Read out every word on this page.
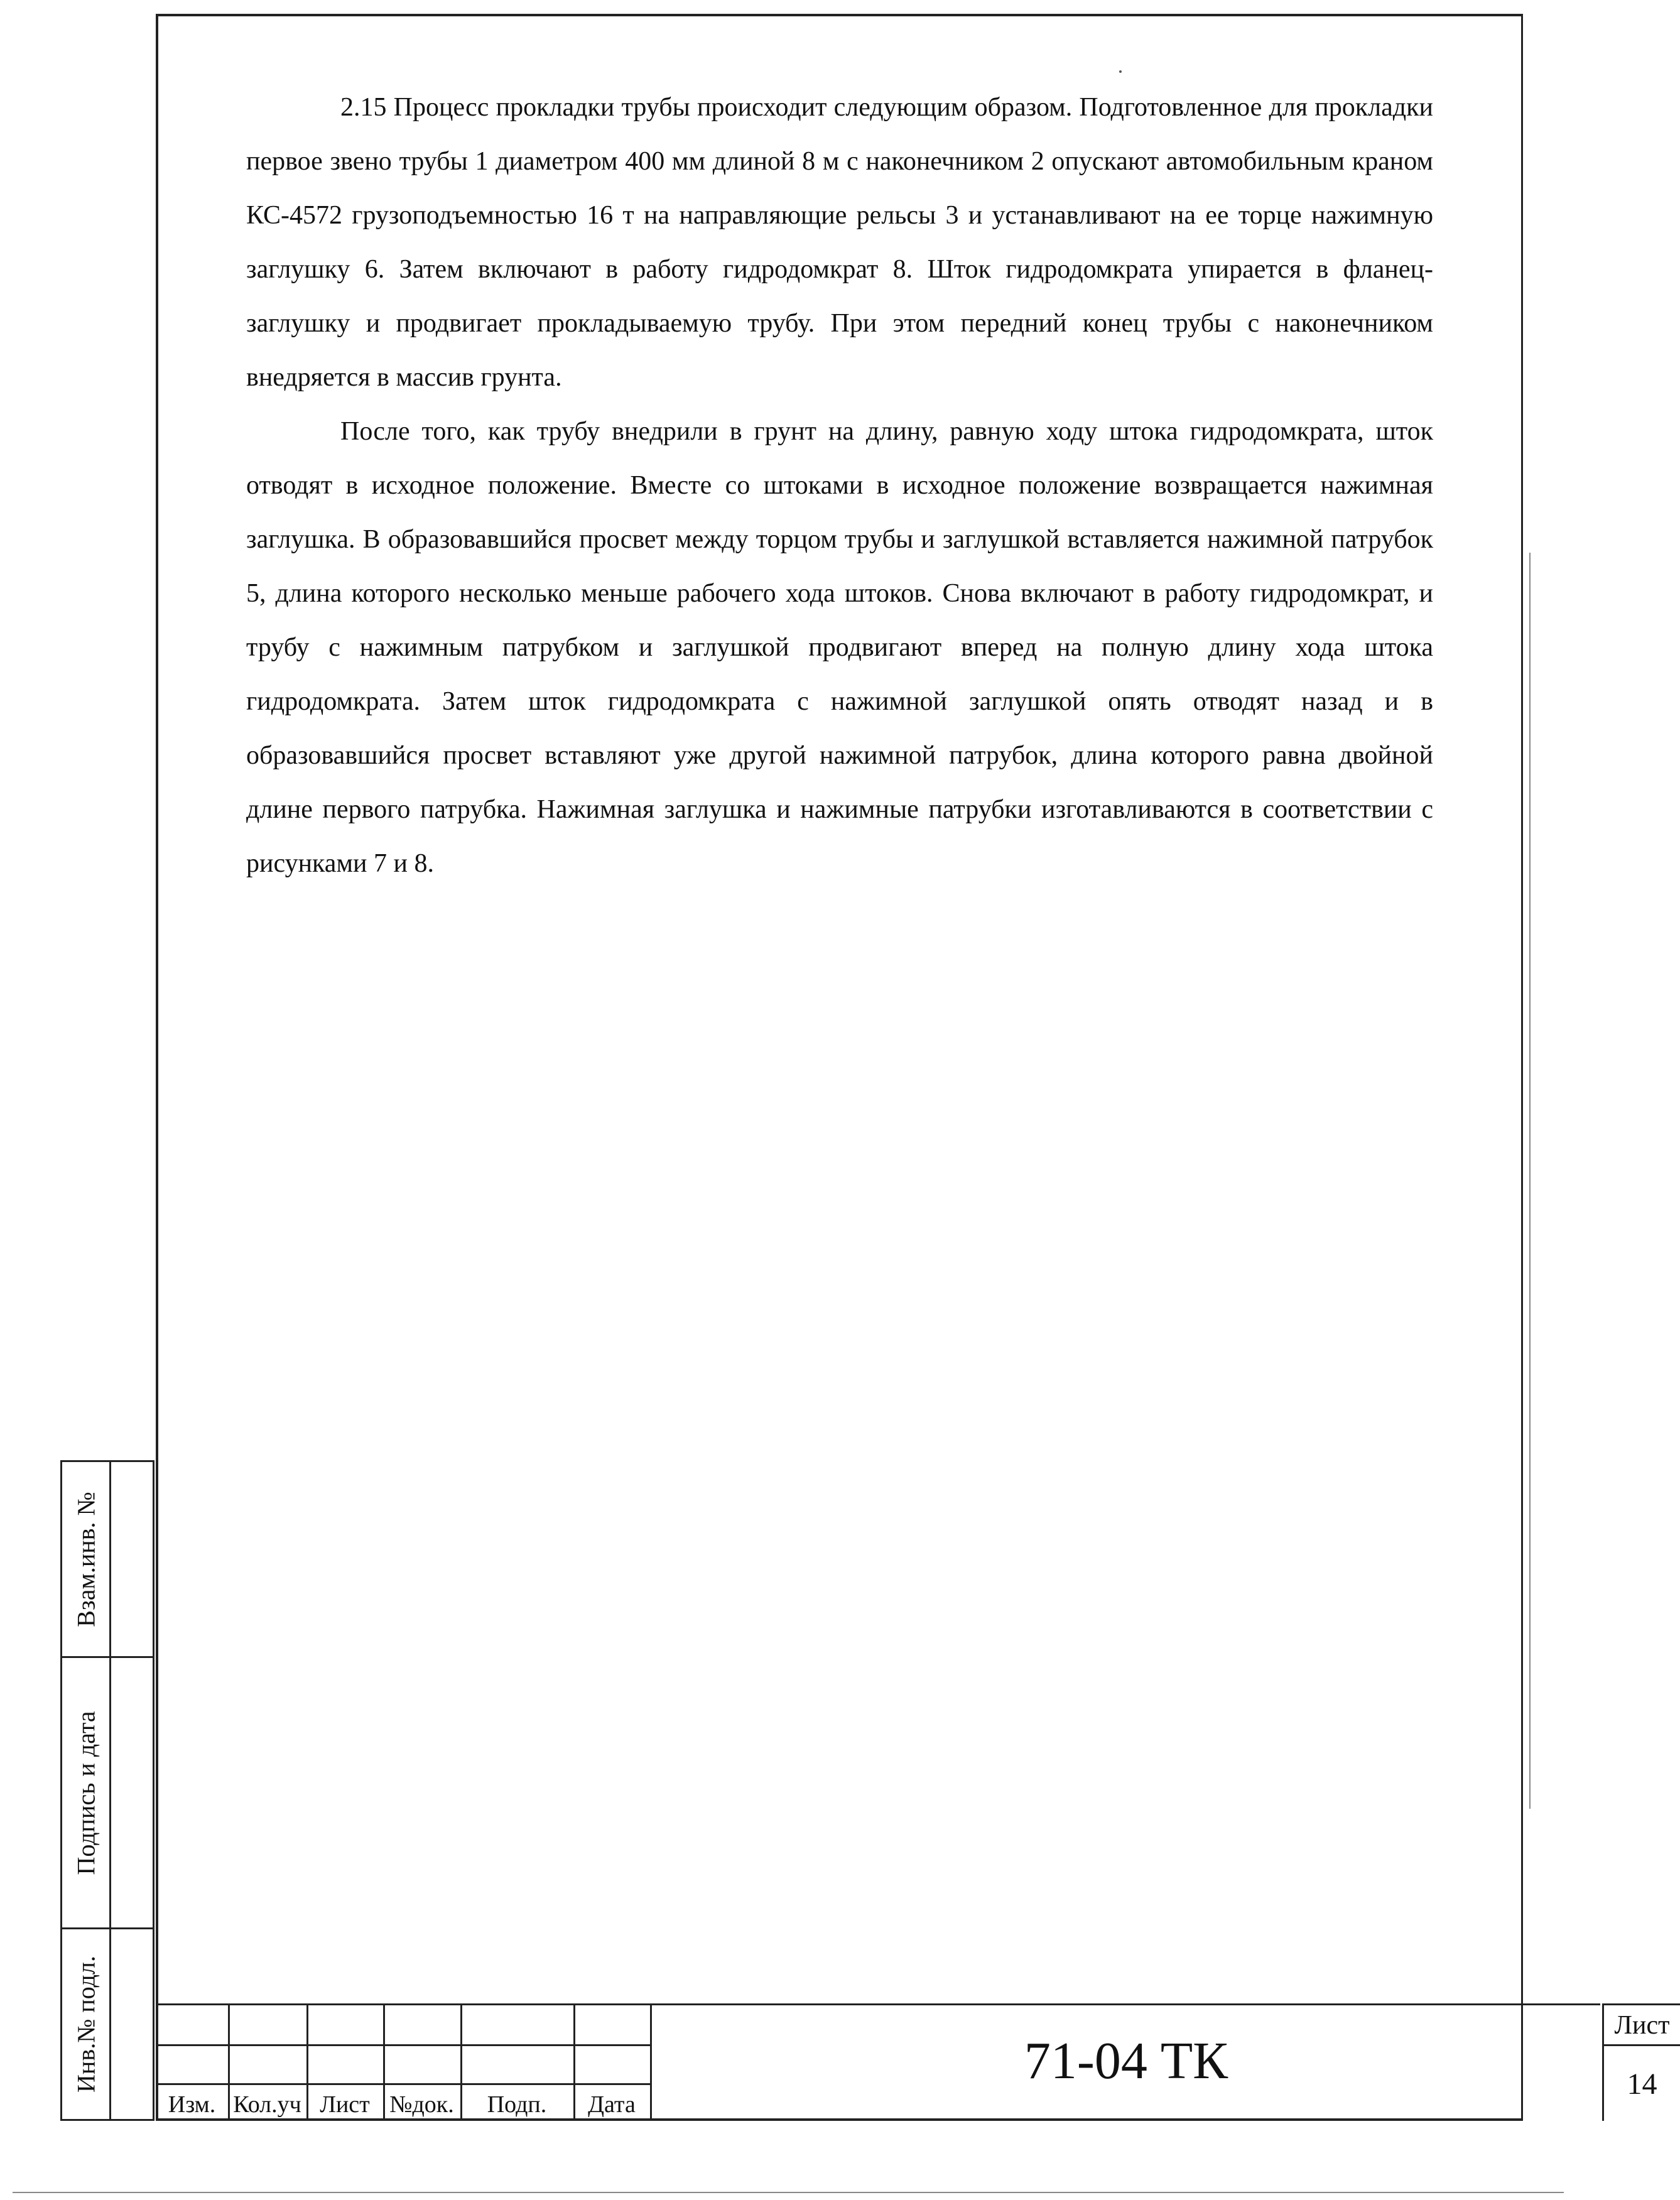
2.15 Процесс прокладки трубы происходит следующим образом. Подготовленное для прокладки первое звено трубы 1 диаметром 400 мм длиной 8 м с наконечником 2 опускают автомобильным краном КС-4572 грузоподъемностью 16 т на направляющие рельсы 3 и устанавливают на ее торце нажимную заглушку 6. Затем включают в работу гидродомкрат 8. Шток гидродомкрата упирается в фланец-заглушку и продвигает прокладываемую трубу. При этом передний конец трубы с наконечником внедряется в массив грунта.

После того, как трубу внедрили в грунт на длину, равную ходу штока гидродомкрата, шток отводят в исходное положение. Вместе со штоками в исходное положение возвращается нажимная заглушка. В образовавшийся просвет между торцом трубы и заглушкой вставляется нажимной патрубок 5, длина которого несколько меньше рабочего хода штоков. Снова включают в работу гидродомкрат, и трубу с нажимным патрубком и заглушкой продвигают вперед на полную длину хода штока гидродомкрата. Затем шток гидродомкрата с нажимной заглушкой опять отводят назад и в образовавшийся просвет вставляют уже другой нажимной патрубок, длина которого равна двойной длине первого патрубка. Нажимная заглушка и нажимные патрубки изготавливаются в соответствии с рисунками 7 и 8.

Взам.инв. №
Подпись и дата
Инв.№ подл.
Изм. Кол.уч Лист №док.	Подп.	Дата
71-04 ТК
Лист
14
